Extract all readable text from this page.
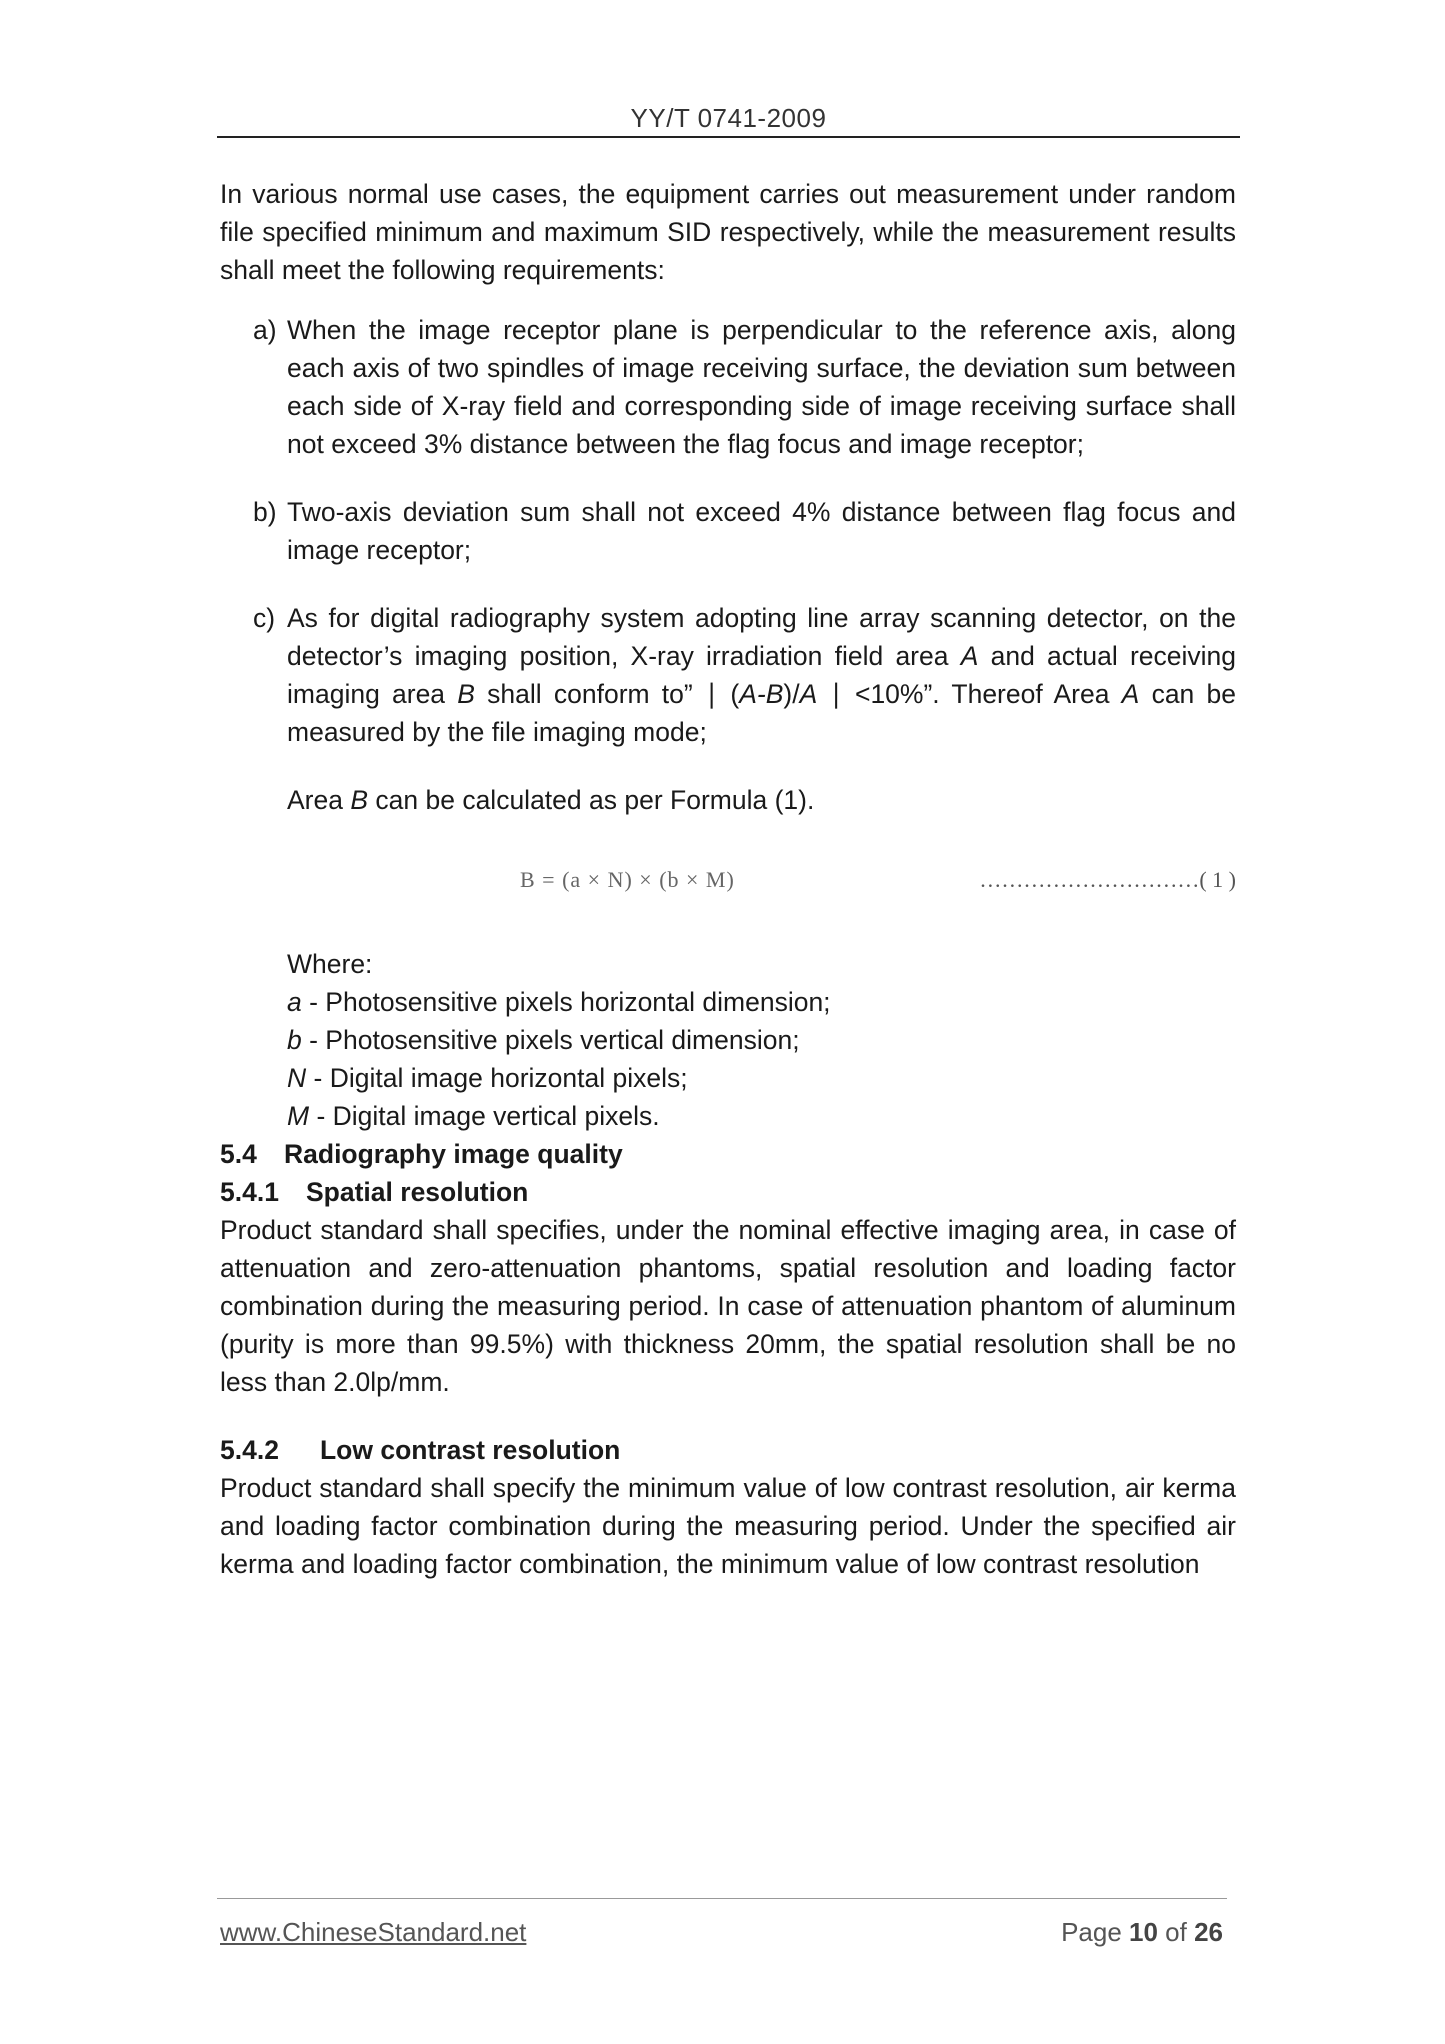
YY/T 0741-2009

In various normal use cases, the equipment carries out measurement under random file specified minimum and maximum SID respectively, while the measurement results shall meet the following requirements:

a) When the image receptor plane is perpendicular to the reference axis, along each axis of two spindles of image receiving surface, the deviation sum between each side of X-ray field and corresponding side of image receiving surface shall not exceed 3% distance between the flag focus and image receptor;

b) Two-axis deviation sum shall not exceed 4% distance between flag focus and image receptor;

c) As for digital radiography system adopting line array scanning detector, on the detector’s imaging position, X-ray irradiation field area A and actual receiving imaging area B shall conform to” ∣ (A-B)/A ∣ <10%”. Thereof Area A can be measured by the file imaging mode;

Area B can be calculated as per Formula (1).

B = (a × N) × (b × M)	…………………………( 1 )

Where:

a - Photosensitive pixels horizontal dimension;

b - Photosensitive pixels vertical dimension;

N - Digital image horizontal pixels;

M - Digital image vertical pixels.

5.4 Radiography image quality

5.4.1 Spatial resolution

Product standard shall specifies, under the nominal effective imaging area, in case of attenuation and zero-attenuation phantoms, spatial resolution and loading factor combination during the measuring period. In case of attenuation phantom of aluminum (purity is more than 99.5%) with thickness 20mm, the spatial resolution shall be no less than 2.0lp/mm.

5.4.2 Low contrast resolution

Product standard shall specify the minimum value of low contrast resolution, air kerma and loading factor combination during the measuring period. Under the specified air kerma and loading factor combination, the minimum value of low contrast resolution

www.ChineseStandard.net	Page 10 of 26
